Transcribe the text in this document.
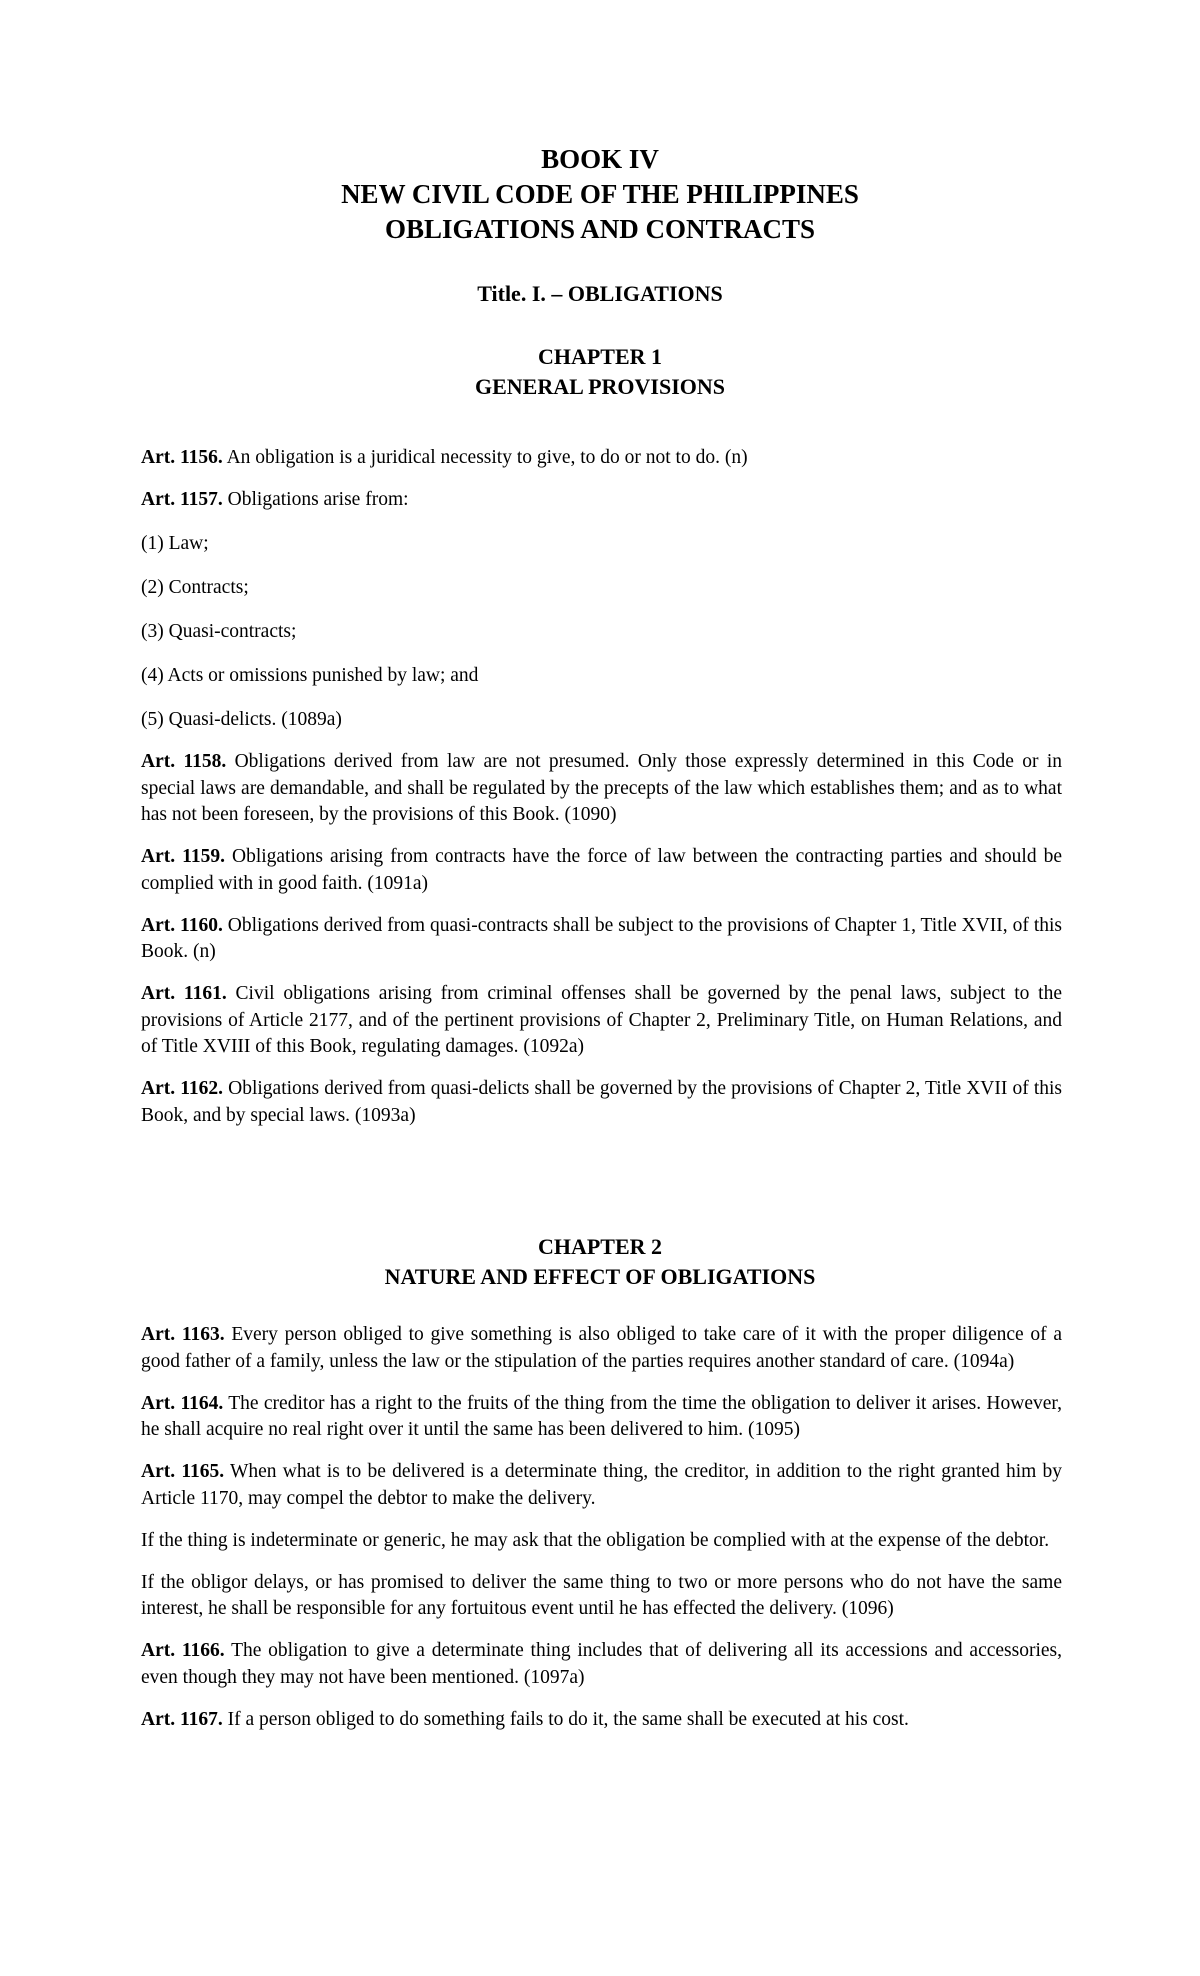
BOOK IV

NEW CIVIL CODE OF THE PHILIPPINES

OBLIGATIONS AND CONTRACTS

Title. I. – OBLIGATIONS

CHAPTER 1

GENERAL PROVISIONS

Art. 1156. An obligation is a juridical necessity to give, to do or not to do. (n)

Art. 1157. Obligations arise from:

(1) Law;

(2) Contracts;

(3) Quasi-contracts;

(4) Acts or omissions punished by law; and

(5) Quasi-delicts. (1089a)

Art. 1158. Obligations derived from law are not presumed. Only those expressly determined in this Code or in special laws are demandable, and shall be regulated by the precepts of the law which establishes them; and as to what has not been foreseen, by the provisions of this Book. (1090)

Art. 1159. Obligations arising from contracts have the force of law between the contracting parties and should be complied with in good faith. (1091a)

Art. 1160. Obligations derived from quasi-contracts shall be subject to the provisions of Chapter 1, Title XVII, of this Book. (n)

Art. 1161. Civil obligations arising from criminal offenses shall be governed by the penal laws, subject to the provisions of Article 2177, and of the pertinent provisions of Chapter 2, Preliminary Title, on Human Relations, and of Title XVIII of this Book, regulating damages. (1092a)

Art. 1162. Obligations derived from quasi-delicts shall be governed by the provisions of Chapter 2, Title XVII of this Book, and by special laws. (1093a)

CHAPTER 2

NATURE AND EFFECT OF OBLIGATIONS

Art. 1163. Every person obliged to give something is also obliged to take care of it with the proper diligence of a good father of a family, unless the law or the stipulation of the parties requires another standard of care. (1094a)

Art. 1164. The creditor has a right to the fruits of the thing from the time the obligation to deliver it arises. However, he shall acquire no real right over it until the same has been delivered to him. (1095)

Art. 1165. When what is to be delivered is a determinate thing, the creditor, in addition to the right granted him by Article 1170, may compel the debtor to make the delivery.

If the thing is indeterminate or generic, he may ask that the obligation be complied with at the expense of the debtor.

If the obligor delays, or has promised to deliver the same thing to two or more persons who do not have the same interest, he shall be responsible for any fortuitous event until he has effected the delivery. (1096)

Art. 1166. The obligation to give a determinate thing includes that of delivering all its accessions and accessories, even though they may not have been mentioned. (1097a)

Art. 1167. If a person obliged to do something fails to do it, the same shall be executed at his cost.
